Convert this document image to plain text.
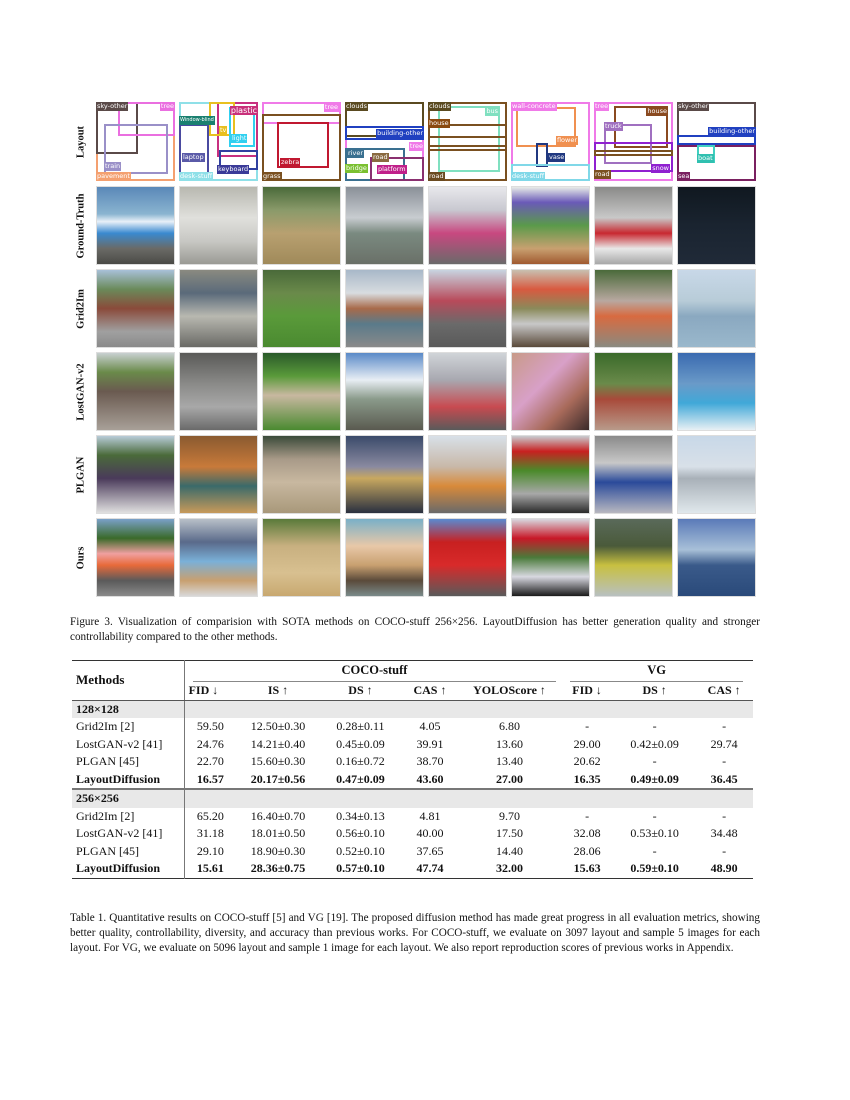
Layout
sky-other	tree
train
pavement
plastic
Window-blind
tv
light
laptop
keyboard
desk-stuff
tree
zebra
grass
clouds
building-other
tree
river road
bridge platform
clouds
bus
house
road
wall-concrete
flower
vase
desk-stuff
tree
house
truck
snow
road
sky-other
building-other
boat
sea
Ground-Truth
Grid2Im
LostGAN-v2
PLGAN
Ours
Figure 3. Visualization of comparision with SOTA methods on COCO-stuff 256×256. LayoutDiffusion has better generation quality and stronger controllability compared to the other methods.
Methods	COCO-stuff					VG		

	FID ↓	IS ↑	DS ↑	CAS ↑	YOLOScore ↑	FID ↓	DS ↑	CAS ↑
128×128								
Grid2Im [2]	59.50	12.50±0.30	0.28±0.11	4.05	6.80	-	-	-
LostGAN-v2 [41]	24.76	14.21±0.40	0.45±0.09	39.91	13.60	29.00	0.42±0.09	29.74
PLGAN [45]	22.70	15.60±0.30	0.16±0.72	38.70	13.40	20.62	-	-
LayoutDiffusion	16.57	20.17±0.56	0.47±0.09	43.60	27.00	16.35	0.49±0.09	36.45
256×256								
Grid2Im [2]	65.20	16.40±0.70	0.34±0.13	4.81	9.70	-	-	-
LostGAN-v2 [41]	31.18	18.01±0.50	0.56±0.10	40.00	17.50	32.08	0.53±0.10	34.48
PLGAN [45]	29.10	18.90±0.30	0.52±0.10	37.65	14.40	28.06	-	-
LayoutDiffusion	15.61	28.36±0.75	0.57±0.10	47.74	32.00	15.63	0.59±0.10	48.90
Table 1. Quantitative results on COCO-stuff [5] and VG [19]. The proposed diffusion method has made great progress in all evaluation metrics, showing better quality, controllability, diversity, and accuracy than previous works. For COCO-stuff, we evaluate on 3097 layout and sample 5 images for each layout. For VG, we evaluate on 5096 layout and sample 1 image for each layout. We also report reproduction scores of previous works in Appendix.
